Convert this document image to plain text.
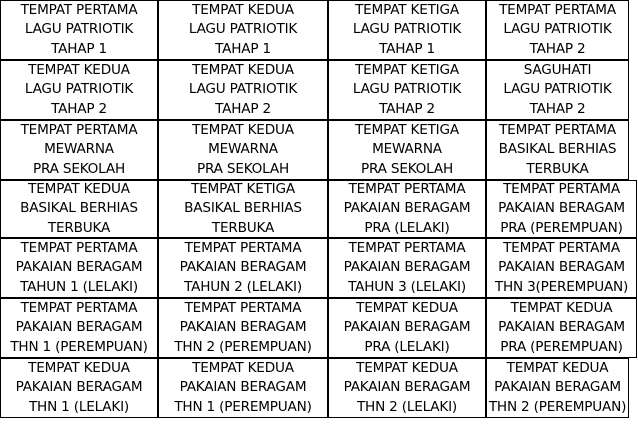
TEMPAT PERTAMA
LAGU PATRIOTIK
TAHAP 1
TEMPAT KEDUA
LAGU PATRIOTIK
TAHAP 1
TEMPAT KETIGA
LAGU PATRIOTIK
TAHAP 1
TEMPAT PERTAMA
LAGU PATRIOTIK
TAHAP 2
TEMPAT KEDUA
LAGU PATRIOTIK
TAHAP 2
TEMPAT KEDUA
LAGU PATRIOTIK
TAHAP 2
TEMPAT KETIGA
LAGU PATRIOTIK
TAHAP 2
SAGUHATI
LAGU PATRIOTIK
TAHAP 2
TEMPAT PERTAMA
MEWARNA
PRA SEKOLAH
TEMPAT KEDUA
MEWARNA
PRA SEKOLAH
TEMPAT KETIGA
MEWARNA
PRA SEKOLAH
TEMPAT PERTAMA
BASIKAL BERHIAS
TERBUKA
TEMPAT KEDUA
BASIKAL BERHIAS
TERBUKA
TEMPAT KETIGA
BASIKAL BERHIAS
TERBUKA
TEMPAT PERTAMA
PAKAIAN BERAGAM
PRA (LELAKI)
TEMPAT PERTAMA
PAKAIAN BERAGAM
PRA (PEREMPUAN)
TEMPAT PERTAMA
PAKAIAN BERAGAM
TAHUN 1 (LELAKI)
TEMPAT PERTAMA
PAKAIAN BERAGAM
TAHUN 2 (LELAKI)
TEMPAT PERTAMA
PAKAIAN BERAGAM
TAHUN 3 (LELAKI)
TEMPAT PERTAMA
PAKAIAN BERAGAM
THN 3(PEREMPUAN)
TEMPAT PERTAMA
PAKAIAN BERAGAM
THN 1 (PEREMPUAN)
TEMPAT PERTAMA
PAKAIAN BERAGAM
THN 2 (PEREMPUAN)
TEMPAT KEDUA
PAKAIAN BERAGAM
PRA (LELAKI)
TEMPAT KEDUA
PAKAIAN BERAGAM
PRA (PEREMPUAN)
TEMPAT KEDUA
PAKAIAN BERAGAM
THN 1 (LELAKI)
TEMPAT KEDUA
PAKAIAN BERAGAM
THN 1 (PEREMPUAN)
TEMPAT KEDUA
PAKAIAN BERAGAM
THN 2 (LELAKI)
TEMPAT KEDUA
PAKAIAN BERAGAM
THN 2 (PEREMPUAN)
